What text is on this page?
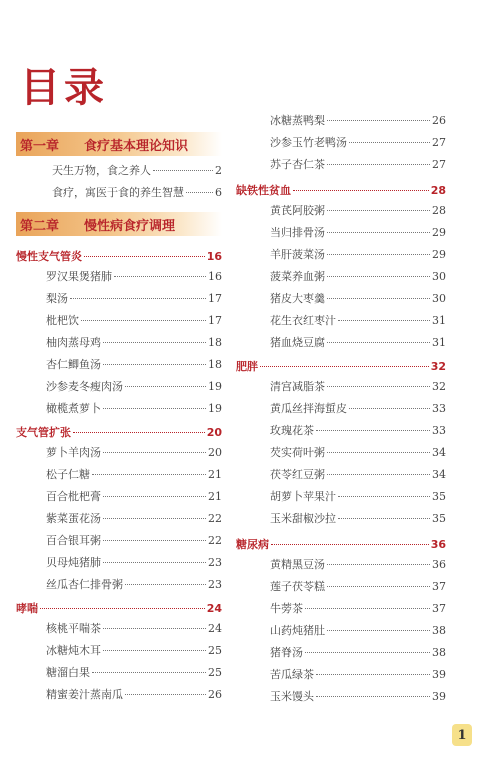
目录
第一章	食疗基本理论知识
天生万物，食之养人	2
食疗，寓医于食的养生智慧	6
第二章	慢性病食疗调理
慢性支气管炎	16
罗汉果煲猪肺	16
梨汤	17
枇杷饮	17
柚肉蒸母鸡	18
杏仁鲫鱼汤	18
沙参麦冬瘦肉汤	19
橄榄煮萝卜	19
支气管扩张	20
萝卜羊肉汤	20
松子仁糖	21
百合枇杷膏	21
紫菜蛋花汤	22
百合银耳粥	22
贝母炖猪肺	23
丝瓜杏仁排骨粥	23
哮喘	24
核桃平喘茶	24
冰糖炖木耳	25
糖溜白果	25
精蜜姜汁蒸南瓜	26
冰糖蒸鸭梨	26
沙参玉竹老鸭汤	27
苏子杏仁茶	27
缺铁性贫血	28
黄芪阿胶粥	28
当归排骨汤	29
羊肝菠菜汤	29
菠菜养血粥	30
猪皮大枣羹	30
花生衣红枣汁	31
猪血烧豆腐	31
肥胖	32
清宫减脂茶	32
黄瓜丝拌海蜇皮	33
玫瑰花茶	33
芡实荷叶粥	34
茯苓红豆粥	34
胡萝卜苹果汁	35
玉米甜椒沙拉	35
糖尿病	36
黄精黑豆汤	36
莲子茯苓糕	37
牛蒡茶	37
山药炖猪肚	38
猪脊汤	38
苦瓜绿茶	39
玉米馒头	39
1
